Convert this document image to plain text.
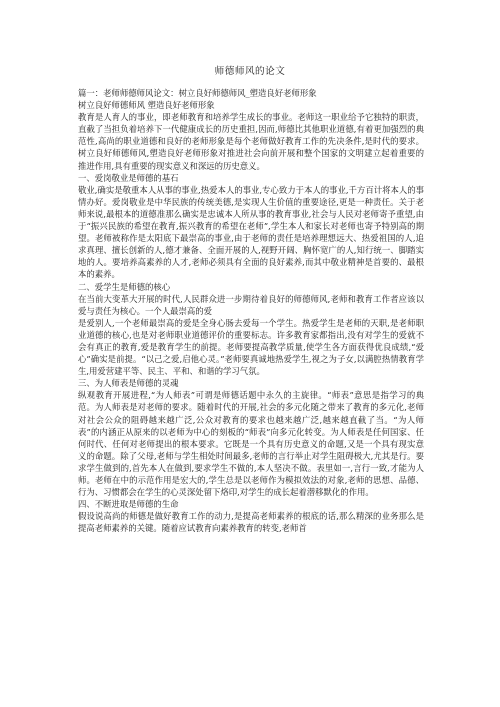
师德师风的论文

篇一：老师师德师风论文：树立良好师德师风_塑造良好老师形象

树立良好师德师风 塑造良好老师形象

教育是人育人的事业，即老师教育和培养学生成长的事业。老师这一职业给予它独特的职责，直截了当担负着培养下一代健康成长的历史重担,因而,师德比其他职业道德,有着更加强烈的典范性,高尚的职业道德和良好的老师形象是每个老师做好教育工作的先决条件,是时代的要求。树立良好师德师风,塑造良好老师形象对推进社会向前开展和整个国家的文明建立起着重要的推进作用,具有重要的现实意义和深远的历史意义。

一、爱岗敬业是师德的基石

敬业,确实是敬重本人从事的事业,热爱本人的事业,专心致力于本人的事业,千方百计将本人的事情办好。爱岗敬业是中华民族的传统美德,是实现人生价值的重要途径,更是一种责任。关于老师来说,最根本的道德准那么确实是忠诚本人所从事的教育事业,社会与人民对老师寄予重望,由于“振兴民族的希望在教育,振兴教育的希望在老师”,学生本人和家长对老师也寄予特别高的期望。老师被称作是太阳底下最崇高的事业,由于老师的责任是培养理想远大、热爱祖国的人,追求真理、擅长创新的人,德才兼备、全面开展的人,视野开阔、胸怀宽广的人,知行统一、脚踏实地的人。要培养高素养的人才,老师必须具有全面的良好素养,而其中敬业精神是首要的、最根本的素养。

二、爱学生是师德的核心

在当前大变革大开展的时代,人民群众进一步期待着良好的师德师风,老师和教育工作者应该以爱与责任为核心。一个人最崇高的爱

是爱别人,一个老师最崇高的爱是全身心肠去爱每一个学生。热爱学生是老师的天职,是老师职业道德的核心,也是对老师职业道德评价的重要标志。许多教育家都指出,没有对学生的爱就不会有真正的教育,爱是教育学生的前提。老师要提高教学质量,使学生各方面获得优良成绩,“爱心”确实是前提。“以己之爱,启他心灵。”老师要真诚地热爱学生,视之为子女,以满腔热情教育学生,用爱营建平等、民主、平和、和谐的学习气氛。

三、为人师表是师德的灵魂

纵观教育开展进程,“为人师表”可谓是师德话题中永久的主旋律。“师表”意思是指学习的典范。为人师表是对老师的要求。随着时代的开展,社会的多元化随之带来了教育的多元化,老师对社会公众的阻碍越来越广泛,公众对教育的要求也越来越广泛,越来越直截了当。“为人师表”的内涵正从原来的以老师为中心的刻板的“师表”向多元化转变。为人师表是任何国家、任何时代、任何对老师提出的根本要求。它既是一个具有历史意义的命题,又是一个具有现实意义的命题。除了父母,老师与学生相处时间最多,老师的言行举止对学生阻碍极大,尤其是行。要求学生做到的,首先本人在做到,要求学生不做的,本人坚决不做。表里如一,言行一致,才能为人师。老师在中的示范作用是宏大的,学生总是以老师作为模拟效法的对象,老师的思想、品德、行为、习惯都会在学生的心灵深处留下烙印,对学生的成长起着潜移默化的作用。

四、不断进取是师德的生命

假设说高尚的师德是做好教育工作的动力,是提高老师素养的根底的话,那么精深的业务那么是提高老师素养的关键。随着应试教育向素养教育的转变,老师首
